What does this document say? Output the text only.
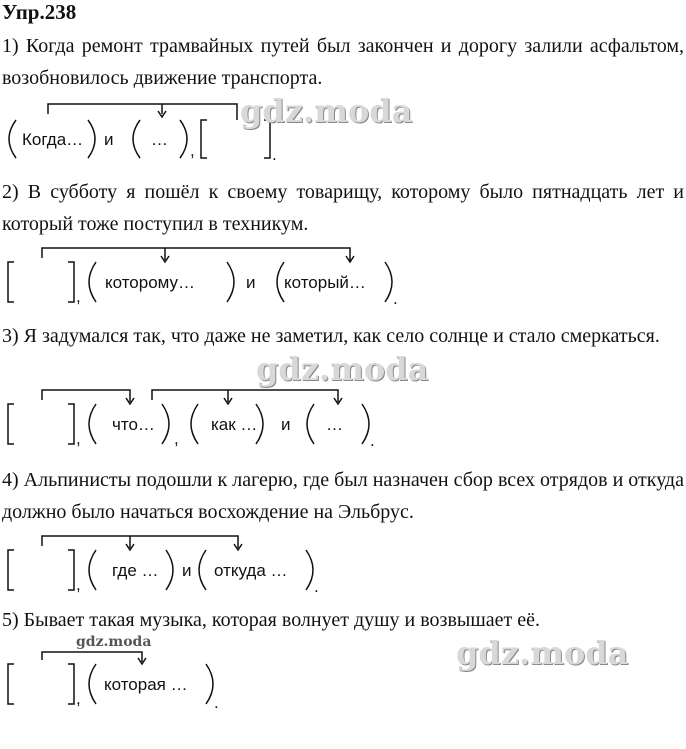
Упр.238
1) Когда ремонт трамвайных путей был закончен и дорогу залили асфальтом, возобновилось движение транспорта.
Когда… и …
,	.
2) В субботу я пошёл к своему товарищу, которому было пятнадцать лет и который тоже поступил в техникум.
,
которому…	и который…
.
3) Я задумался так, что даже не заметил, как село солнце и стало смеркаться.
,
что…
,
как … и …
.
4) Альпинисты подошли к лагерю, где был назначен сбор всех отрядов и откуда должно было начаться восхождение на Эльбрус.
,
где … и откуда …
.
5) Бывает такая музыка, которая волнует душу и возвышает её.
,
которая …
.
gdz.moda
gdz.moda
gdz.moda
gdz.moda
